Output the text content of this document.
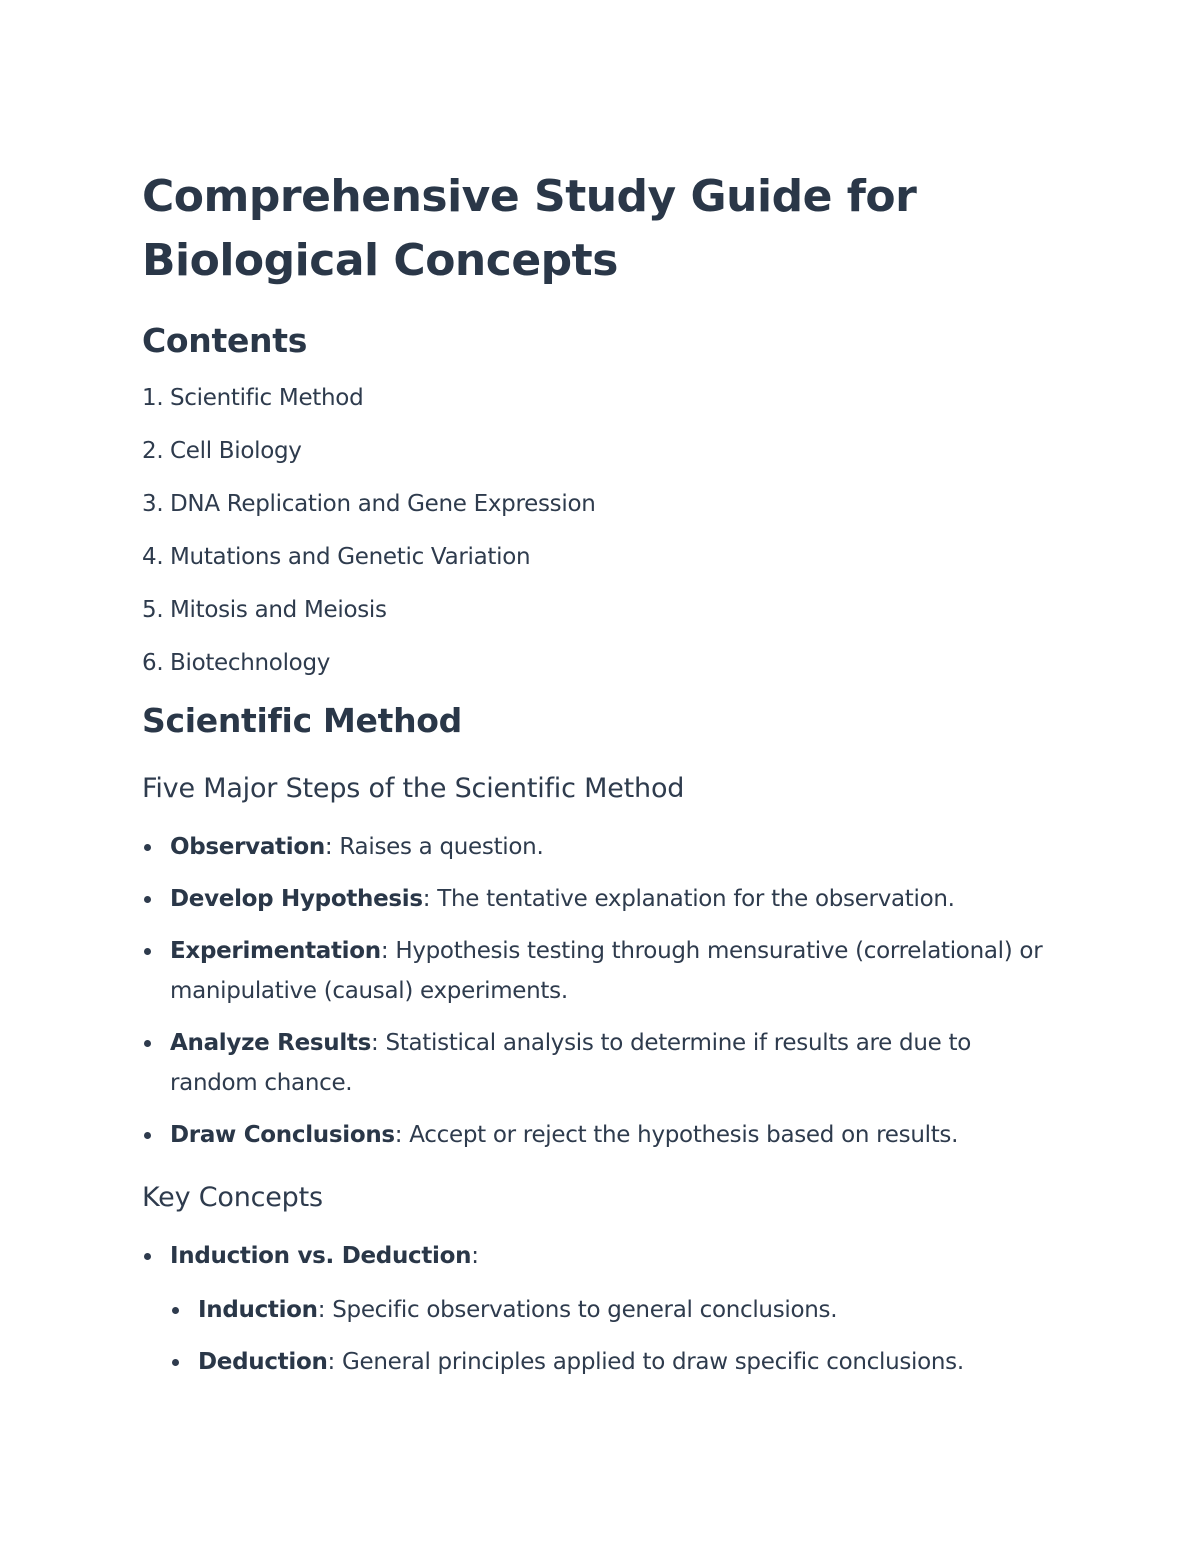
Comprehensive Study Guide for
Biological Concepts
Contents
1. Scientific Method
2. Cell Biology
3. DNA Replication and Gene Expression
4. Mutations and Genetic Variation
5. Mitosis and Meiosis
6. Biotechnology
Scientific Method
Five Major Steps of the Scientific Method
Observation: Raises a question.
Develop Hypothesis: The tentative explanation for the observation.
Experimentation: Hypothesis testing through mensurative (correlational) or manipulative (causal) experiments.
Analyze Results: Statistical analysis to determine if results are due to random chance.
Draw Conclusions: Accept or reject the hypothesis based on results.
Key Concepts
Induction vs. Deduction:
Induction: Specific observations to general conclusions.
Deduction: General principles applied to draw specific conclusions.
